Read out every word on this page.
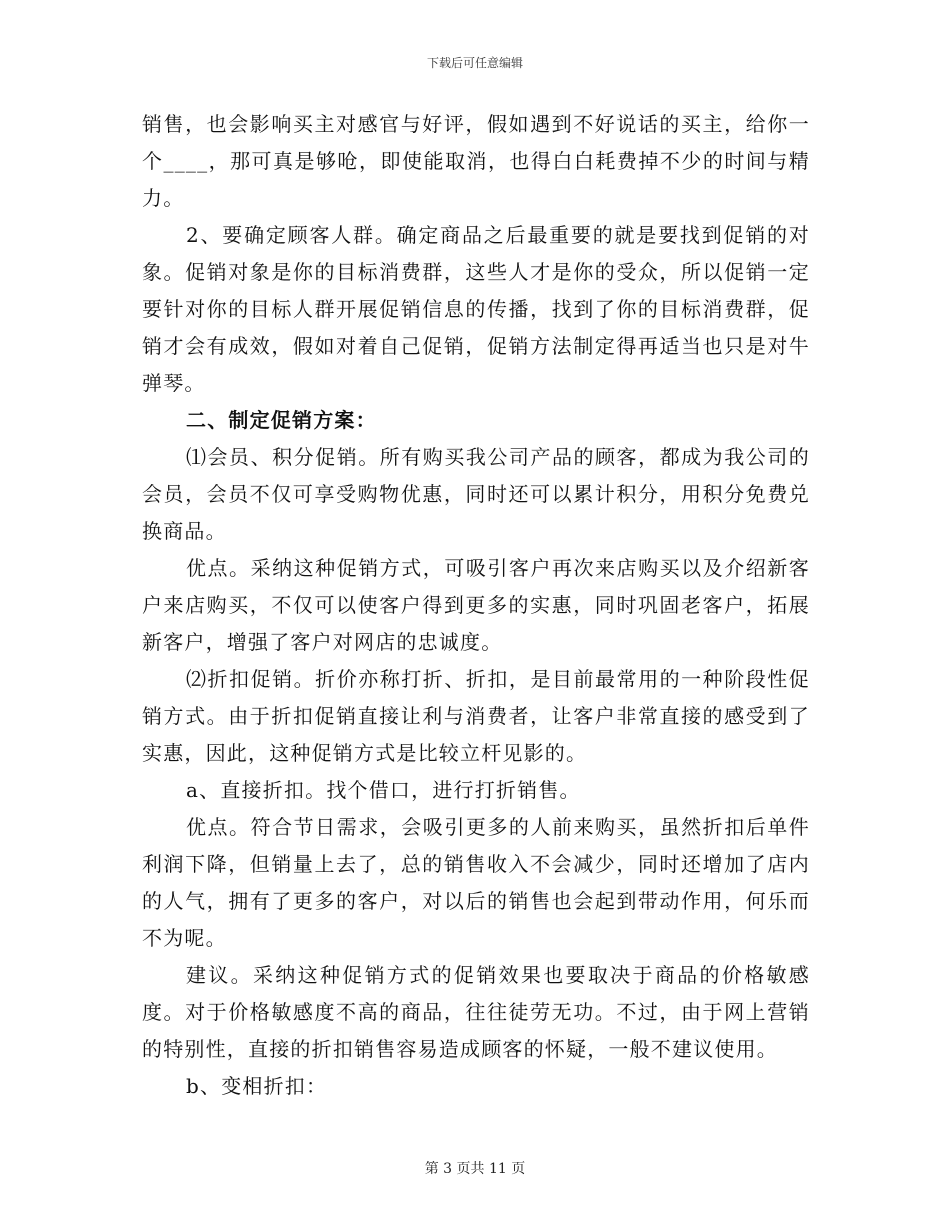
下载后可任意编辑

销售，也会影响买主对感官与好评，假如遇到不好说话的买主，给你一个____，那可真是够呛，即使能取消，也得白白耗费掉不少的时间与精力。

2、要确定顾客人群。确定商品之后最重要的就是要找到促销的对象。促销对象是你的目标消费群，这些人才是你的受众，所以促销一定要针对你的目标人群开展促销信息的传播，找到了你的目标消费群，促销才会有成效，假如对着自己促销，促销方法制定得再适当也只是对牛弹琴。

二、制定促销方案：

⑴会员、积分促销。所有购买我公司产品的顾客，都成为我公司的会员，会员不仅可享受购物优惠，同时还可以累计积分，用积分免费兑换商品。

优点。采纳这种促销方式，可吸引客户再次来店购买以及介绍新客户来店购买，不仅可以使客户得到更多的实惠，同时巩固老客户，拓展新客户，增强了客户对网店的忠诚度。

⑵折扣促销。折价亦称打折、折扣，是目前最常用的一种阶段性促销方式。由于折扣促销直接让利与消费者，让客户非常直接的感受到了实惠，因此，这种促销方式是比较立杆见影的。

a、直接折扣。找个借口，进行打折销售。

优点。符合节日需求，会吸引更多的人前来购买，虽然折扣后单件利润下降，但销量上去了，总的销售收入不会减少，同时还增加了店内的人气，拥有了更多的客户，对以后的销售也会起到带动作用，何乐而不为呢。

建议。采纳这种促销方式的促销效果也要取决于商品的价格敏感度。对于价格敏感度不高的商品，往往徒劳无功。不过，由于网上营销的特别性，直接的折扣销售容易造成顾客的怀疑，一般不建议使用。

b、变相折扣：

第 3 页共 11 页
